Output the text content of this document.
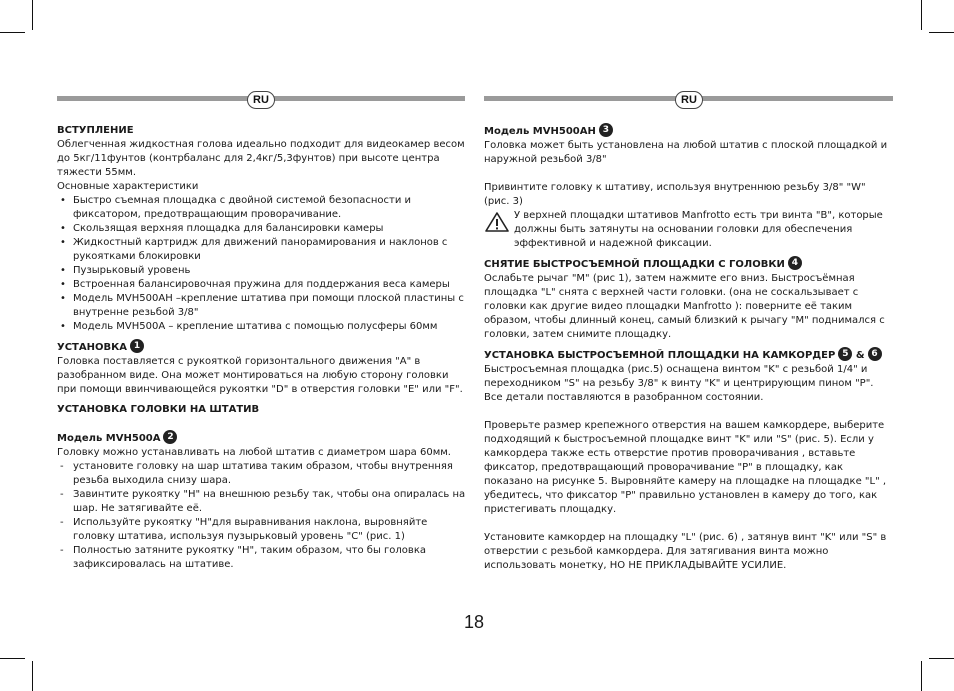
RU	RU

ВСТУПЛЕНИЕ

Облегченная жидкостная голова идеально подходит для видеокамер весом до 5кг/11фунтов (контрбаланс для 2,4кг/5,3фунтов) при высоте центра тяжести 55мм.

Основные характеристики

• Быстро съемная площадка с двойной системой безопасности и фиксатором, предотвращающим проворачивание.

• Скользящая верхняя площадка для балансировки камеры

• Жидкостный картридж для движений панорамирования и наклонов с рукоятками блокировки

• Пузырьковый уровень

• Встроенная балансировочная пружина для поддержания веса камеры

• Модель MVH500AH –крепление штатива при помощи плоской пластины с внутренне резьбой 3/8"

• Модель MVH500A – крепление штатива с помощью полусферы 60мм

УСТАНОВКА 1

Головка поставляется с рукояткой горизонтального движения "A" в разобранном виде. Она может монтироваться на любую сторону головки при помощи ввинчивающейся рукоятки "D" в отверстия головки "E" или "F".

УСТАНОВКА ГОЛОВКИ НА ШТАТИВ

Модель MVH500A 2

Головку можно устанавливать на любой штатив с диаметром шара 60мм.

- установите головку на шар штатива таким образом, чтобы внутренняя резьба выходила снизу шара.

- Завинтите рукоятку "H" на внешнюю резьбу так, чтобы она опиралась на шар. Не затягивайте её.

- Используйте рукоятку "H"для выравнивания наклона, выровняйте головку штатива, используя пузырьковый уровень "C" (рис. 1)

- Полностью затяните рукоятку "H", таким образом, что бы головка зафиксировалась на штативе.

Модель MVH500AH 3

Головка может быть установлена на любой штатив с плоской площадкой и наружной резьбой 3/8"

Привинтите головку к штативу, используя внутреннюю резьбу 3/8" "W" (рис. 3)

У верхней площадки штативов Manfrotto есть три винта "B", которые должны быть затянуты на основании головки для обеспечения эффективной и надежной фиксации.

СНЯТИЕ БЫСТРОСЪЕМНОЙ ПЛОЩАДКИ С ГОЛОВКИ 4

Ослабьте рычаг "M" (рис 1), затем нажмите его вниз. Быстросъёмная площадка "L" снята с верхней части головки. (она не соскальзывает с головки как другие видео площадки Manfrotto ): поверните её таким образом, чтобы длинный конец, самый близкий к рычагу "M" поднимался с головки, затем снимите площадку.

УСТАНОВКА БЫСТРОСЪЕМНОЙ ПЛОЩАДКИ НА КАМКОРДЕР 5 & 6

Быстросъемная площадка (рис.5) оснащена винтом "K" с резьбой 1/4" и переходником "S" на резьбу 3/8" к винту "K" и центрирующим пином "P". Все детали поставляются в разобранном состоянии.

Проверьте размер крепежного отверстия на вашем камкордере, выберите подходящий к быстросъемной площадке винт "K" или "S" (рис. 5). Если у камкордера также есть отверстие против проворачивания , вставьте фиксатор, предотвращающий проворачивание "P" в площадку, как показано на рисунке 5. Выровняйте камеру на площадке на площадке "L" , убедитесь, что фиксатор "P" правильно установлен в камеру до того, как пристегивать площадку.

Установите камкордер на площадку "L" (рис. 6) , затянув винт "K" или "S" в отверстии с резьбой камкордера. Для затягивания винта можно использовать монетку, НО НЕ ПРИКЛАДЫВАЙТЕ УСИЛИЕ.

18
